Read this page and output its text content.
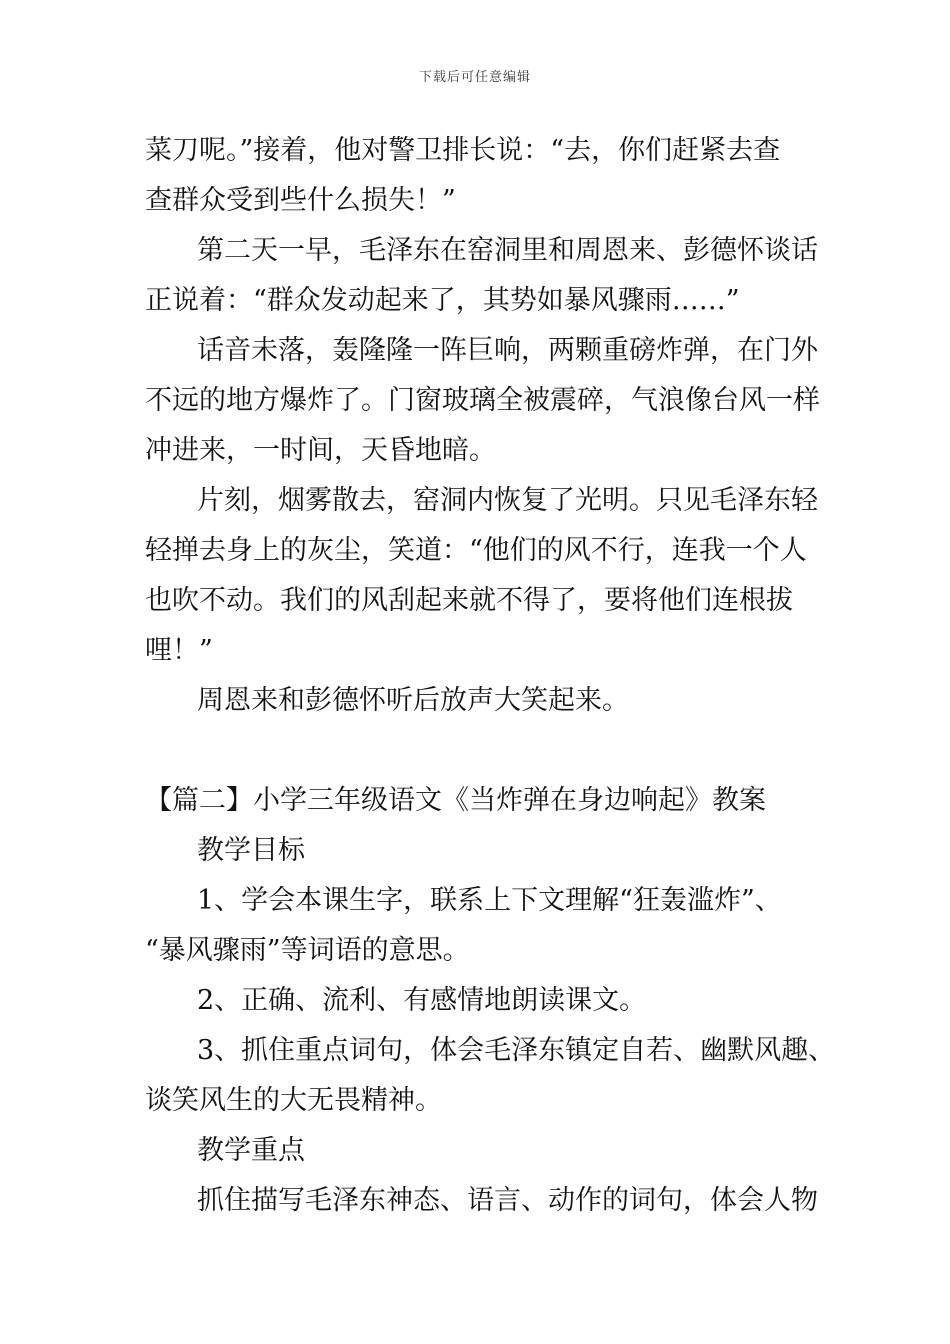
下载后可任意编辑

菜刀呢。”接着，他对警卫排长说：“去，你们赶紧去查

查群众受到些什么损失！”

第二天一早，毛泽东在窑洞里和周恩来、彭德怀谈话

正说着：“群众发动起来了，其势如暴风骤雨……”

话音未落，轰隆隆一阵巨响，两颗重磅炸弹，在门外

不远的地方爆炸了。门窗玻璃全被震碎，气浪像台风一样

冲进来，一时间，天昏地暗。

片刻，烟雾散去，窑洞内恢复了光明。只见毛泽东轻

轻掸去身上的灰尘，笑道：“他们的风不行，连我一个人

也吹不动。我们的风刮起来就不得了，要将他们连根拔

哩！”

周恩来和彭德怀听后放声大笑起来。

【篇二】小学三年级语文《当炸弹在身边响起》教案

教学目标

1、学会本课生字，联系上下文理解“狂轰滥炸”、

“暴风骤雨”等词语的意思。

2、正确、流利、有感情地朗读课文。

3、抓住重点词句，体会毛泽东镇定自若、幽默风趣、

谈笑风生的大无畏精神。

教学重点

抓住描写毛泽东神态、语言、动作的词句，体会人物
